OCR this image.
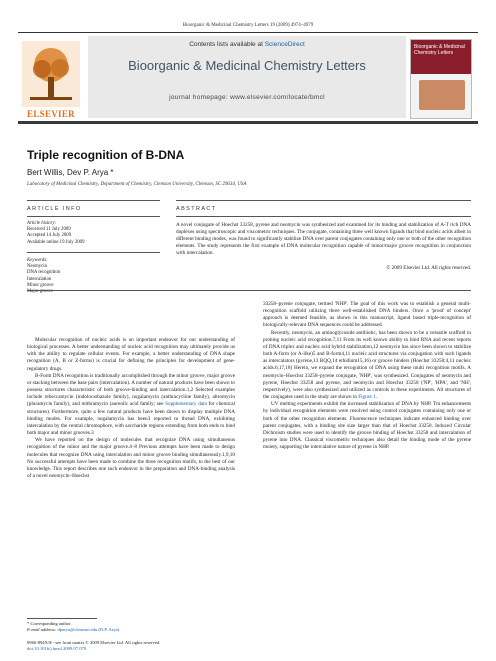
Bioorganic & Medicinal Chemistry Letters 19 (2009) 4974–4979
ELSEVIER
Contents lists available at ScienceDirect
Bioorganic & Medicinal Chemistry Letters
journal homepage: www.elsevier.com/locate/bmcl
Bioorganic & Medicinal Chemistry Letters
Triple recognition of B-DNA
Bert Willis, Dev P. Arya *
Laboratory of Medicinal Chemistry, Department of Chemistry, Clemson University, Clemson, SC 29634, USA
ARTICLE INFO	ABSTRACT
Article history:
Received 11 July 2009
Accepted 14 July 2009
Available online 19 July 2009
Keywords:
Neomycin
DNA recognition
Intercalation
Minor groove
Major groove
A novel conjugate of Hoechst 33258, pyrene and neomycin was synthesized and examined for its binding and stabilization of A-T rich DNA duplexes using spectroscopic and viscometric techniques. The conjugate, containing three well known ligands that bind nucleic acids albeit in different binding modes, was found to significantly stabilize DNA over parent conjugates containing only one or both of the other recognition elements. The study represents the first example of DNA molecular recognition capable of minor/major groove recognition in conjunction with intercalation.
© 2009 Elsevier Ltd. All rights reserved.

Molecular recognition of nucleic acids is an important endeavor for our understanding of biological processes. A better understanding of nucleic acid recognition may ultimately provide us with the ability to regulate cellular events. For example, a better understanding of DNA shape recognition (A, B or Z-forms) is crucial for defining the principles for development of gene-regulatory drugs.

B-Form DNA recognition is traditionally accomplished through the minor groove, major groove or stacking between the base pairs (intercalation). A number of natural products have been shown to possess structures characteristic of both groove-binding and intercalation.1,2 Selected examples include rebeccamycin (indolocarbazole family), nogalamycin (anthracycline family), altromycin (pluramycin family), and mithramycin (aureolic acid family; see Supplementary data for chemical structures). Furthermore, quite a few natural products have been shown to display multiple DNA binding modes. For example, nogalamycin has been3 reported to thread DNA, exhibiting intercalation by the central chromophore, with saccharide regions extending from both ends to bind both major and minor grooves.3

We have reported on the design of molecules that recognize DNA using simultaneous recognition of the minor and the major groove.4–8 Previous attempts have been made to design molecules that recognize DNA using intercalation and minor groove binding simultaneously.1,9,10 No successful attempts have been made to combine the three recognition motifs, to the best of our knowledge. This report describes one such endeavor in the preparation and DNA-binding analysis of a novel neomycin–Hoechst

33258–pyrene conjugate, termed 'NHP'. The goal of this work was to establish a general multi-recognition scaffold utilizing three well-established DNA binders. Once a 'proof of concept' approach is deemed feasible, as shown in this manuscript, ligand based triple-recognition of biologically-relevant DNA sequences could be addressed.

Recently, neomycin, an aminoglycoside antibiotic, has been shown to be a versatile scaffold in probing nucleic acid recognition.7,11 From its well known ability to bind RNA and recent reports of DNA triplex and nucleic acid hybrid stabilization,12 neomycin has since been shown to stabilize both A-form (or A-like)5 and B-form4,11 nucleic acid structures via conjugation with such ligands as intercalators (pyrene,13 BQQ,14 ethidium15,16) or groove binders (Hoechst 33258;4,11 nucleic acids.6,17,18) Herein, we expand the recognition of DNA using these multi recognition motifs. A neomycin–Hoechst 33258–pyrene conjugate, 'NHP', was synthesized. Conjugates of neomycin and pyrene, Hoechst 33258 and pyrene, and neomycin and Hoechst 33258 ('NP', 'HPA', and 'NH', respectively), were also synthesized and utilized as controls in these experiments. All structures of the conjugates used in the study are shown in Figure 1.

UV melting experiments exhibit the increased stabilization of DNA by NHP. Tm enhancements by individual recognition elements were resolved using control conjugates containing only one or both of the other recognition elements. Fluorescence techniques indicate enhanced binding over parent conjugates, with a binding site size larger than that of Hoechst 33258. Induced Circular Dichroism studies were used to identify the groove binding of Hoechst 33258 and intercalation of pyrene into DNA. Classical viscometric techniques also detail the binding mode of the pyrene moiety, supporting the intercalative nature of pyrene in NHP.

* Corresponding author.
E-mail address: dparya@clemson.edu (D.P. Arya).
0960-894X/$ - see front matter © 2009 Elsevier Ltd. All rights reserved.
doi:10.1016/j.bmcl.2009.07.079
